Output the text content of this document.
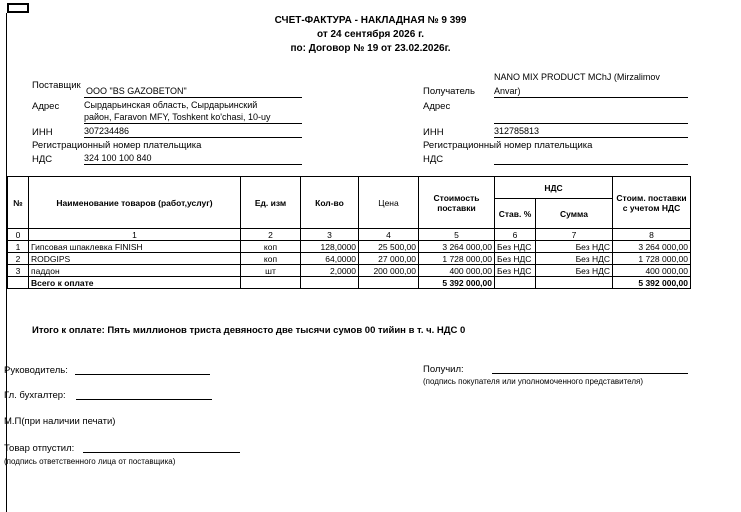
СЧЕТ-ФАКТУРА - НАКЛАДНАЯ № 9 399
от 24 сентября 2026 г.
по: Договор № 19 от 23.02.2026г.
Поставщик ООО "BS GAZOBETON"
Адрес	Сырдарьинская область, Сырдарьинский
район, Faravon MFY, Toshkent ko'chasi, 10-uy
ИНН	307234486
Регистрационный номер плательщика
НДС	324 100 100 840
NANO MIX PRODUCT MChJ (Mirzalimov
Получатель Anvar)
Адрес
ИНН	312785813
Регистрационный номер плательщика
НДС
№	Наименование товаров (работ,услуг)	Ед. изм	Кол-во	Цена	Стоимость поставки	НДС		Стоим. поставки с учетом НДС
						Став. %	Сумма	
0	1	2	3	4	5	6	7	8
1	Гипсовая шпаклевка FINISH	коп	128,0000	25 500,00	3 264 000,00	Без НДС	Без НДС	3 264 000,00
2	RODGIPS	коп	64,0000	27 000,00	1 728 000,00	Без НДС	Без НДС	1 728 000,00
3	паддон	шт	2,0000	200 000,00	400 000,00	Без НДС	Без НДС	400 000,00
	Всего к оплате				5 392 000,00			5 392 000,00
Итого к оплате: Пять миллионов триста девяносто две тысячи сумов 00 тийин в т. ч. НДС 0
Руководитель:
Гл. бухгалтер:
М.П(при наличии печати)
Товар отпустил:
(подпись ответственного лица от поставщика)
Получил:
(подпись покупателя или уполномоченного представителя)
